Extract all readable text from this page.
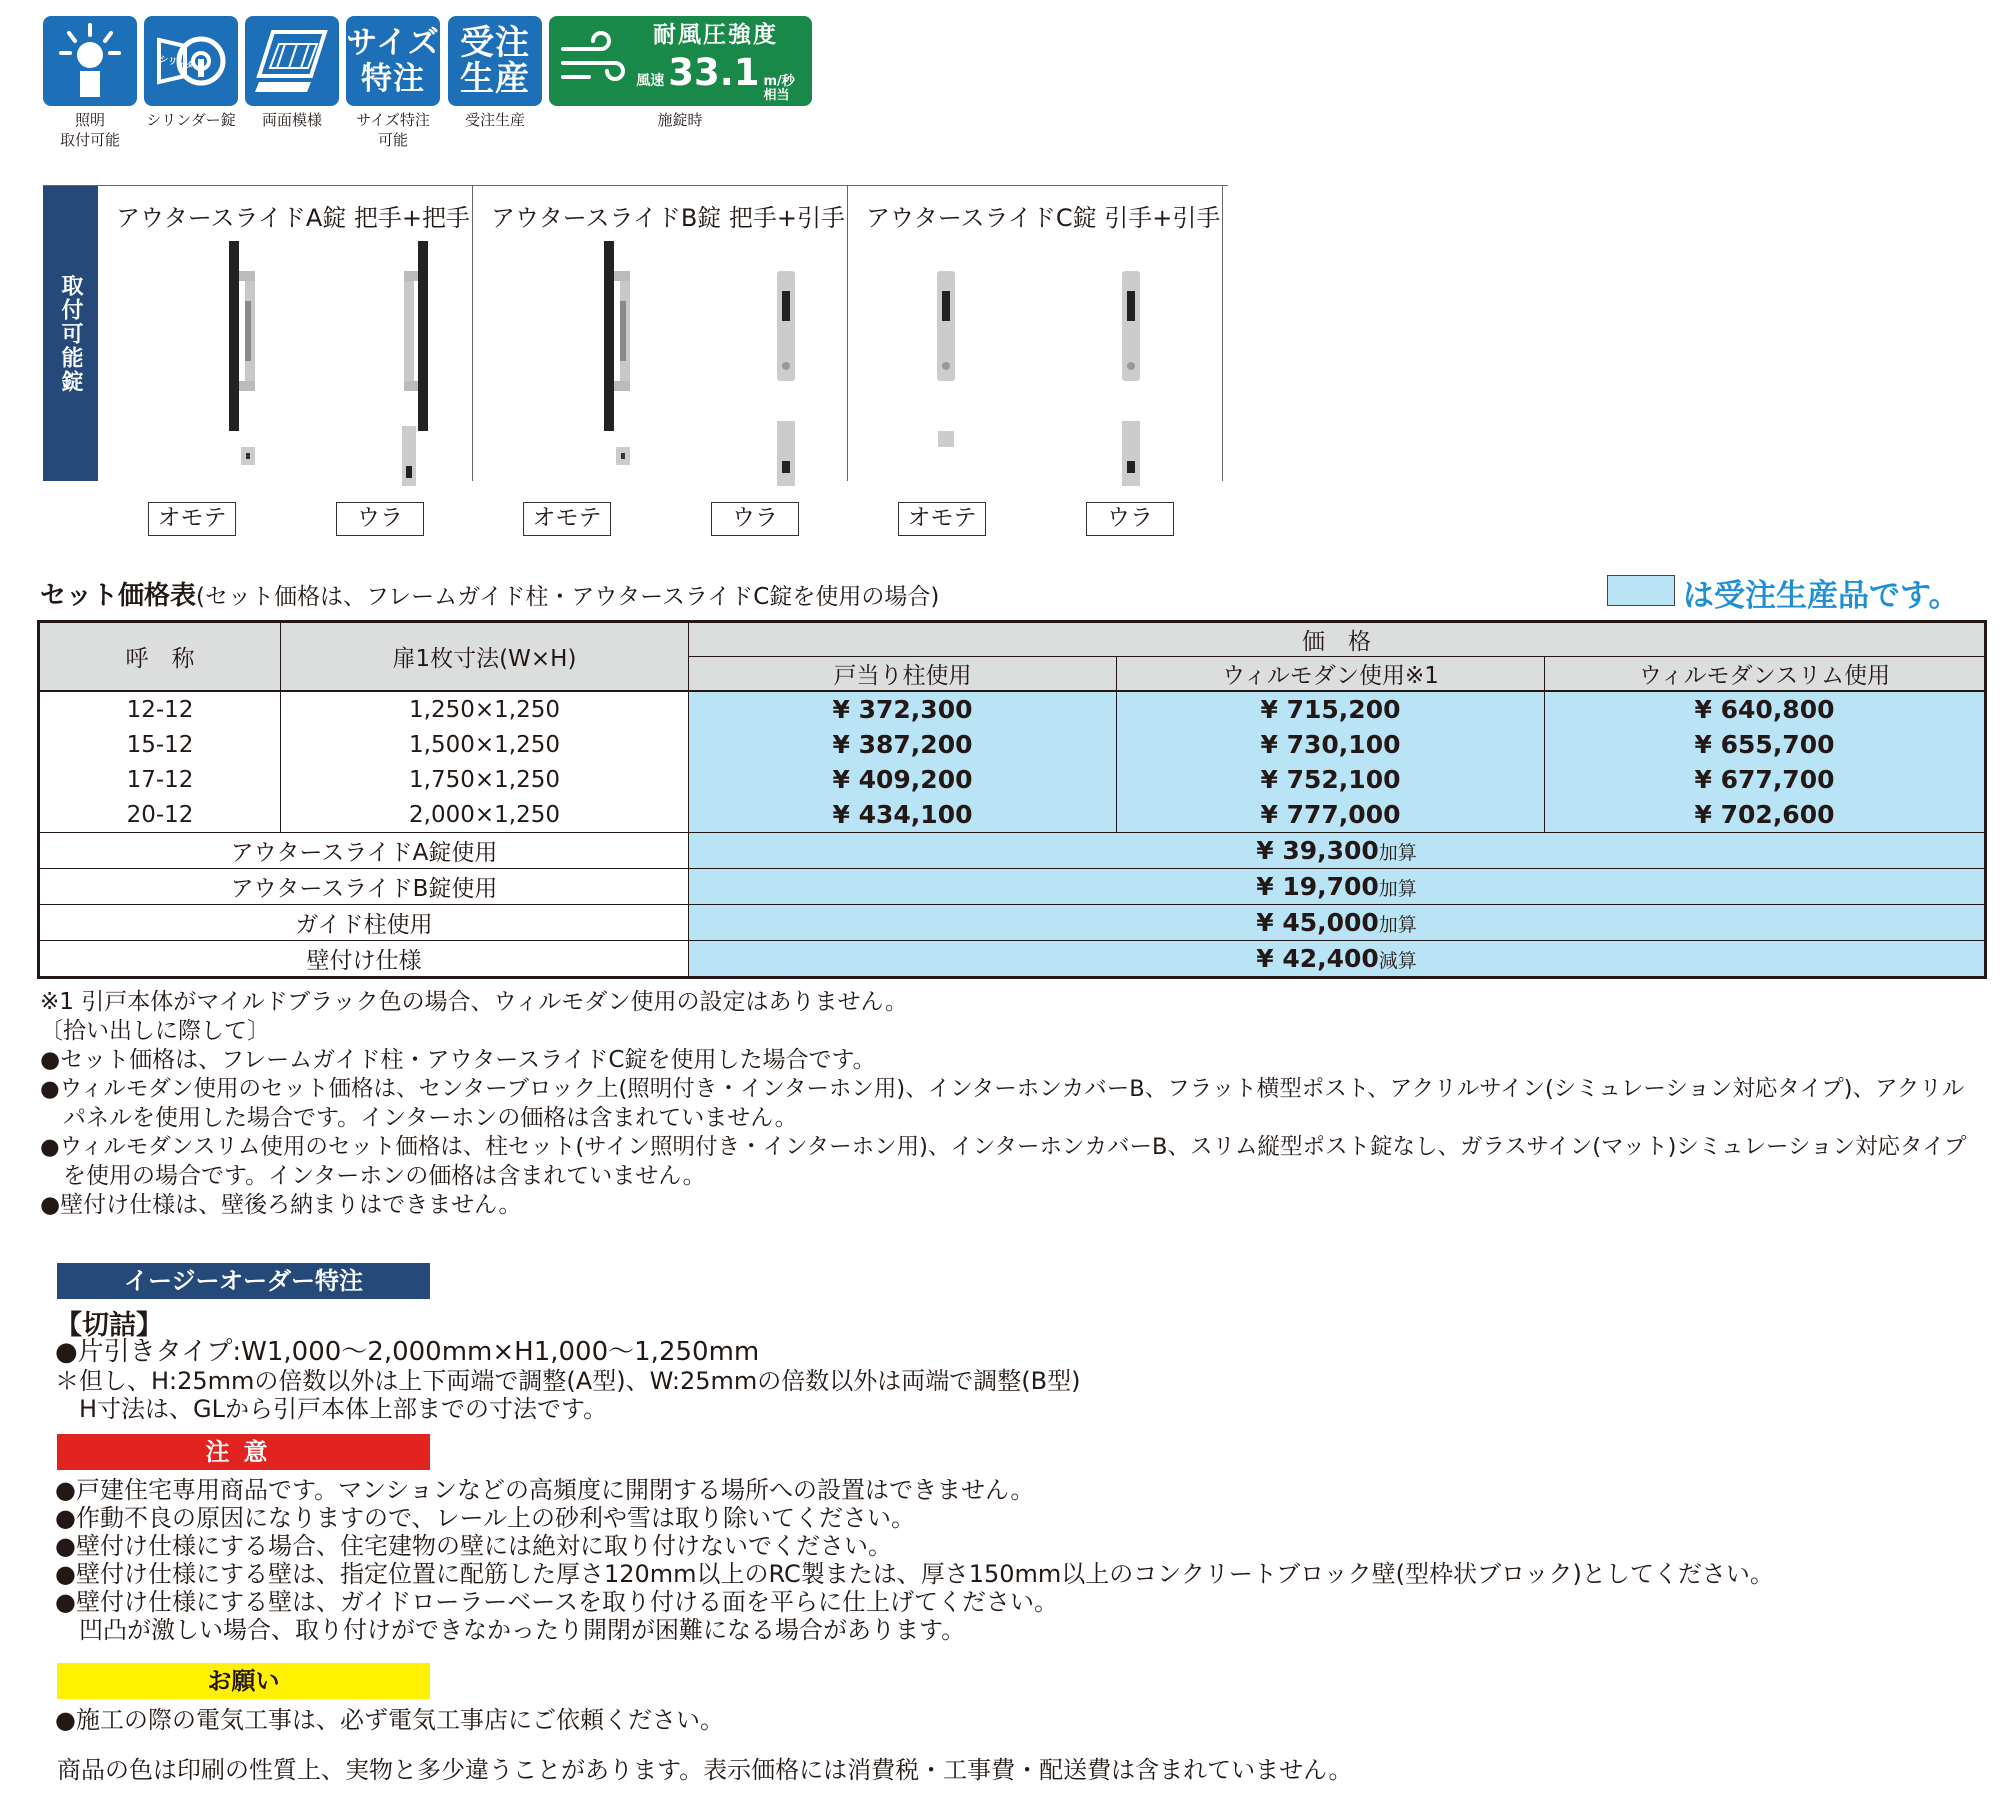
シリンダー
サイズ
特注
受注
生産
耐風圧強度
風速 33.1 m/秒
相当
照明
取付可能
シリンダー錠	両面模様	サイズ特注
可能
受注生産	施錠時
取付可能錠
アウタースライドA錠 把手+把手 アウタースライドB錠 把手+引手 アウタースライドC錠 引手+引手
オモテ	ウラ	オモテ	ウラ	オモテ	ウラ
セット価格表(セット価格は、フレームガイド柱・アウタースライドC錠を使用の場合)	は受注生産品です。
呼　称	扉1枚寸法(W×H)	価　格		
		戸当り柱使用	ウィルモダン使用※1	ウィルモダンスリム使用
12-12	1,250×1,250	¥ 372,300	¥ 715,200	¥ 640,800
15-12	1,500×1,250	¥ 387,200	¥ 730,100	¥ 655,700
17-12	1,750×1,250	¥ 409,200	¥ 752,100	¥ 677,700
20-12	2,000×1,250	¥ 434,100	¥ 777,000	¥ 702,600
アウタースライドA錠使用		¥ 39,300加算		
アウタースライドB錠使用		¥ 19,700加算		
ガイド柱使用		¥ 45,000加算		
壁付け仕様		¥ 42,400減算		
※1 引戸本体がマイルドブラック色の場合、ウィルモダン使用の設定はありません。
〔拾い出しに際して〕
●セット価格は、フレームガイド柱・アウタースライドC錠を使用した場合です。
●ウィルモダン使用のセット価格は、センターブロック上(照明付き・インターホン用)、インターホンカバーB、フラット横型ポスト、アクリルサイン(シミュレーション対応タイプ)、アクリル
　パネルを使用した場合です。インターホンの価格は含まれていません。
●ウィルモダンスリム使用のセット価格は、柱セット(サイン照明付き・インターホン用)、インターホンカバーB、スリム縦型ポスト錠なし、ガラスサイン(マット)シミュレーション対応タイプ
　を使用の場合です。インターホンの価格は含まれていません。
●壁付け仕様は、壁後ろ納まりはできません。
イージーオーダー特注
【切詰】
●片引きタイプ:W1,000～2,000mm×H1,000～1,250mm
＊但し、H:25mmの倍数以外は上下両端で調整(A型)、W:25mmの倍数以外は両端で調整(B型)
　H寸法は、GLから引戸本体上部までの寸法です。
注意
●戸建住宅専用商品です。マンションなどの高頻度に開閉する場所への設置はできません。
●作動不良の原因になりますので、レール上の砂利や雪は取り除いてください。
●壁付け仕様にする場合、住宅建物の壁には絶対に取り付けないでください。
●壁付け仕様にする壁は、指定位置に配筋した厚さ120mm以上のRC製または、厚さ150mm以上のコンクリートブロック壁(型枠状ブロック)としてください。
●壁付け仕様にする壁は、ガイドローラーベースを取り付ける面を平らに仕上げてください。
　凹凸が激しい場合、取り付けができなかったり開閉が困難になる場合があります。
お願い
●施工の際の電気工事は、必ず電気工事店にご依頼ください。
商品の色は印刷の性質上、実物と多少違うことがあります。表示価格には消費税・工事費・配送費は含まれていません。
